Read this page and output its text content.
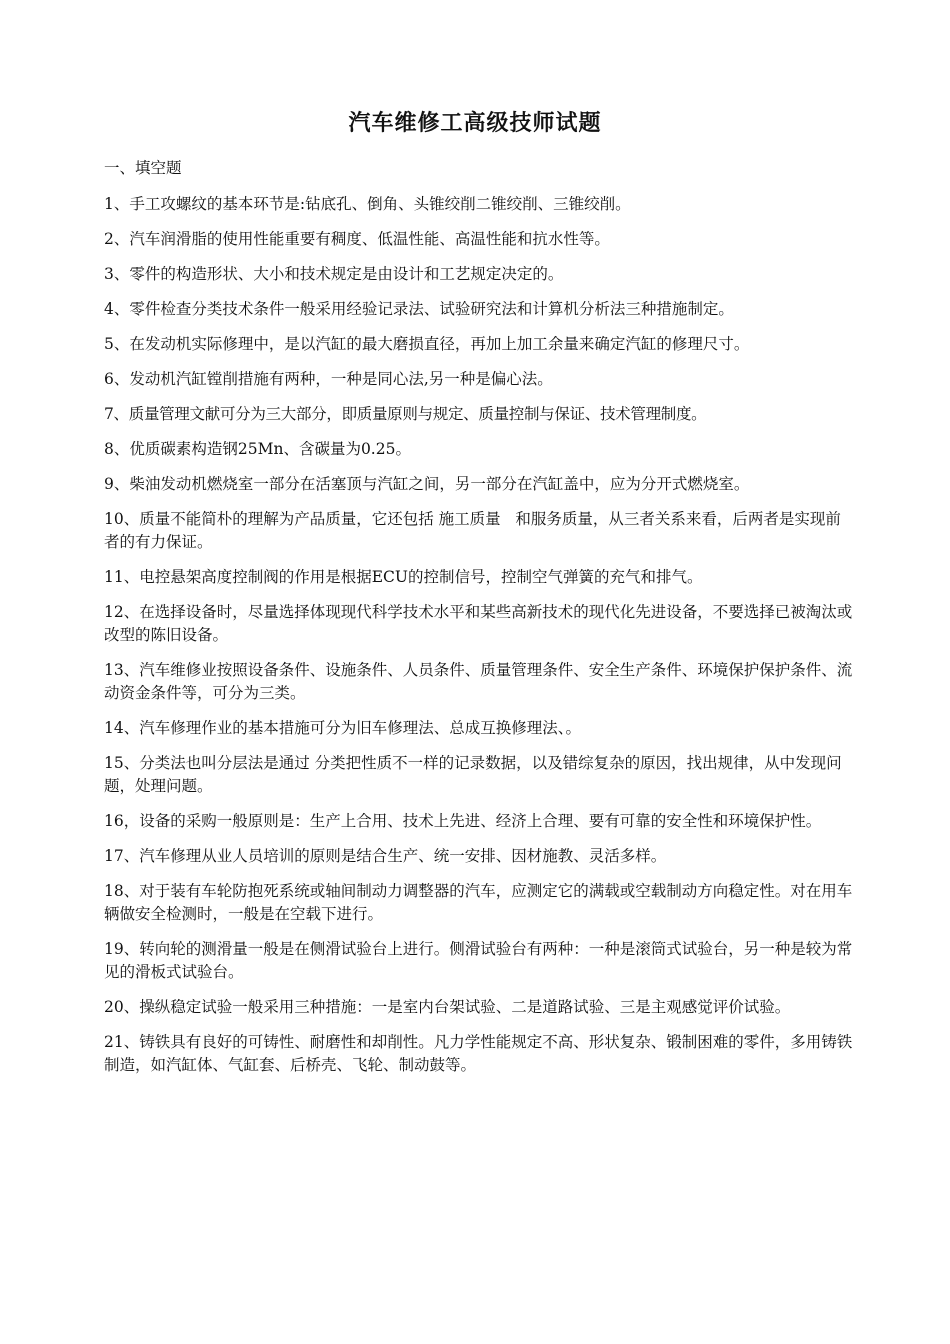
汽车维修工高级技师试题
一、填空题
1、手工攻螺纹的基本环节是:钻底孔、倒角、头锥绞削二锥绞削、三锥绞削。
2、汽车润滑脂的使用性能重要有稠度、低温性能、高温性能和抗水性等。
3、零件的构造形状、大小和技术规定是由设计和工艺规定决定的。
4、零件检查分类技术条件一般采用经验记录法、试验研究法和计算机分析法三种措施制定。
5、在发动机实际修理中，是以汽缸的最大磨损直径，再加上加工余量来确定汽缸的修理尺寸。
6、发动机汽缸镗削措施有两种，一种是同心法,另一种是偏心法。
7、质量管理文献可分为三大部分，即质量原则与规定、质量控制与保证、技术管理制度。
8、优质碳素构造钢25Mn、含碳量为0.25。
9、柴油发动机燃烧室一部分在活塞顶与汽缸之间，另一部分在汽缸盖中，应为分开式燃烧室。
10、质量不能简朴的理解为产品质量，它还包括 施工质量   和服务质量，从三者关系来看，后两者是实现前者的有力保证。
11、电控悬架高度控制阀的作用是根据ECU的控制信号，控制空气弹簧的充气和排气。
12、在选择设备时，尽量选择体现现代科学技术水平和某些高新技术的现代化先进设备，不要选择已被淘汰或改型的陈旧设备。
13、汽车维修业按照设备条件、设施条件、人员条件、质量管理条件、安全生产条件、环境保护保护条件、流动资金条件等，可分为三类。
14、汽车修理作业的基本措施可分为旧车修理法、总成互换修理法、。
15、分类法也叫分层法是通过 分类把性质不一样的记录数据，以及错综复杂的原因，找出规律，从中发现问题，处理问题。
16，设备的采购一般原则是：生产上合用、技术上先进、经济上合理、要有可靠的安全性和环境保护性。
17、汽车修理从业人员培训的原则是结合生产、统一安排、因材施教、灵活多样。
18、对于装有车轮防抱死系统或轴间制动力调整器的汽车，应测定它的满载或空载制动方向稳定性。对在用车辆做安全检测时，一般是在空载下进行。
19、转向轮的测滑量一般是在侧滑试验台上进行。侧滑试验台有两种：一种是滚筒式试验台，另一种是较为常见的滑板式试验台。
20、操纵稳定试验一般采用三种措施：一是室内台架试验、二是道路试验、三是主观感觉评价试验。
21、铸铁具有良好的可铸性、耐磨性和却削性。凡力学性能规定不高、形状复杂、锻制困难的零件，多用铸铁制造，如汽缸体、气缸套、后桥壳、飞轮、制动鼓等。
